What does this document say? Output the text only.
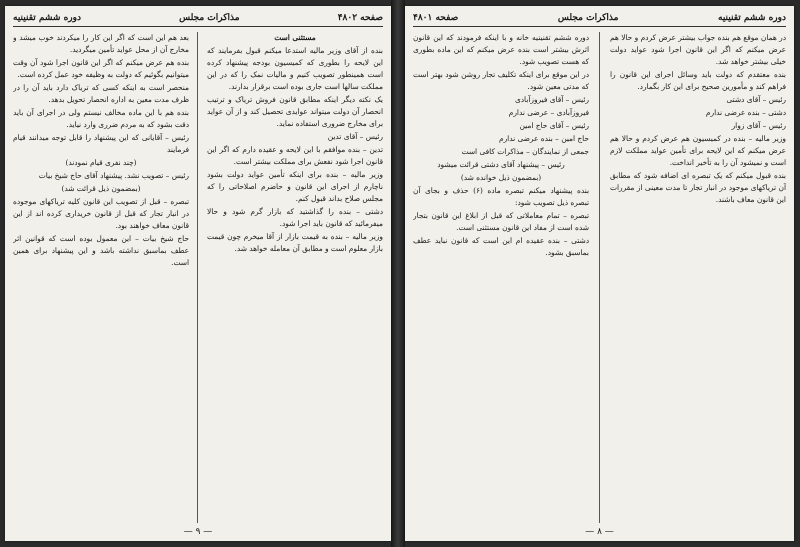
صفحه ۴۸۰۲
مذاکرات مجلس
دوره ششم تقنینیه

مستثنی است

بنده از آقای وزیر مالیه استدعا میکنم قبول بفرمایند که این لایحه را بطوری که کمیسیون بودجه پیشنهاد کرده است همینطور تصویب کنیم و مالیات نمک را که در این مملکت سالها است جاری بوده است برقرار بدارند.

یک نکته دیگر اینکه مطابق قانون فروش تریاک و ترتیب انحصار آن دولت میتواند عوایدی تحصیل کند و از آن عواید برای مخارج ضروری استفاده نماید.

رئیس – آقای تدین

تدین – بنده موافقم با این لایحه و عقیده دارم که اگر این قانون اجرا شود نفعش برای مملکت بیشتر است.

وزیر مالیه – بنده برای اینکه تأمین عواید دولت بشود ناچارم از اجرای این قانون و حاضرم اصلاحاتی را که مجلس صلاح بداند قبول کنم.

دشتی – بنده را گذاشتید که بازار گرم شود و حالا میفرمائید که قانون باید اجرا شود.

وزیر مالیه – بنده به قیمت بازار از آقا میخرم چون قیمت بازار معلوم است و مطابق آن معامله خواهد شد.

بعد هم این است که اگر این کار را میکردند خوب میشد و مخارج آن از محل عواید تأمین میگردید.

بنده هم عرض میکنم که اگر این قانون اجرا شود آن وقت میتوانیم بگوئیم که دولت به وظیفه خود عمل کرده است.

منحصر است به اینکه کسی که تریاک دارد باید آن را در ظرف مدت معین به اداره انحصار تحویل بدهد.

بنده هم با این ماده مخالف نیستم ولی در اجرای آن باید دقت بشود که به مردم ضرری وارد نیاید.

رئیس – آقایانی که این پیشنهاد را قابل توجه میدانند قیام فرمایند

(چند نفری قیام نمودند)

رئیس – تصویب نشد. پیشنهاد آقای حاج شیخ بیات

(بمضمون ذیل قرائت شد)

تبصره – قبل از تصویب این قانون کلیه تریاکهای موجوده در انبار تجار که قبل از قانون خریداری کرده اند از این قانون معاف خواهند بود.

حاج شیخ بیات – این معمول بوده است که قوانین اثر عطف بماسبق نداشته باشد و این پیشنهاد برای همین است.

— ۹ —
دوره ششم تقنینیه
مذاکرات مجلس
صفحه ۴۸۰۱

در همان موقع هم بنده جواب بیشتر عرض کردم و حالا هم عرض میکنم که اگر این قانون اجرا شود عواید دولت خیلی بیشتر خواهد شد.

بنده معتقدم که دولت باید وسائل اجرای این قانون را فراهم کند و مأمورین صحیح برای این کار بگمارد.

رئیس – آقای دشتی

دشتی – بنده عرضی ندارم

رئیس – آقای زوار

وزیر مالیه – بنده در کمیسیون هم عرض کردم و حالا هم عرض میکنم که این لایحه برای تأمین عواید مملکت لازم است و نمیشود آن را به تأخیر انداخت.

بنده قبول میکنم که یک تبصره ای اضافه شود که مطابق آن تریاکهای موجود در انبار تجار تا مدت معینی از مقررات این قانون معاف باشند.

دوره ششم تقنینیه خانه و با اینکه فرمودند که این قانون اثرش بیشتر است بنده عرض میکنم که این ماده بطوری که هست تصویب شود.

در این موقع برای اینکه تکلیف تجار روشن شود بهتر است که مدتی معین شود.

رئیس – آقای فیروزآبادی

فیروزآبادی – عرضی ندارم

رئیس – آقای حاج امین

حاج امین – بنده عرضی ندارم

جمعی از نمایندگان – مذاکرات کافی است

رئیس – پیشنهاد آقای دشتی قرائت میشود

(بمضمون ذیل خوانده شد)

بنده پیشنهاد میکنم تبصره ماده (۶) حذف و بجای آن تبصره ذیل تصویب شود:

تبصره – تمام معاملاتی که قبل از ابلاغ این قانون بتجار شده است از مفاد این قانون مستثنی است.

دشتی – بنده عقیده ام این است که قانون نباید عطف بماسبق بشود.

— ۸ —
